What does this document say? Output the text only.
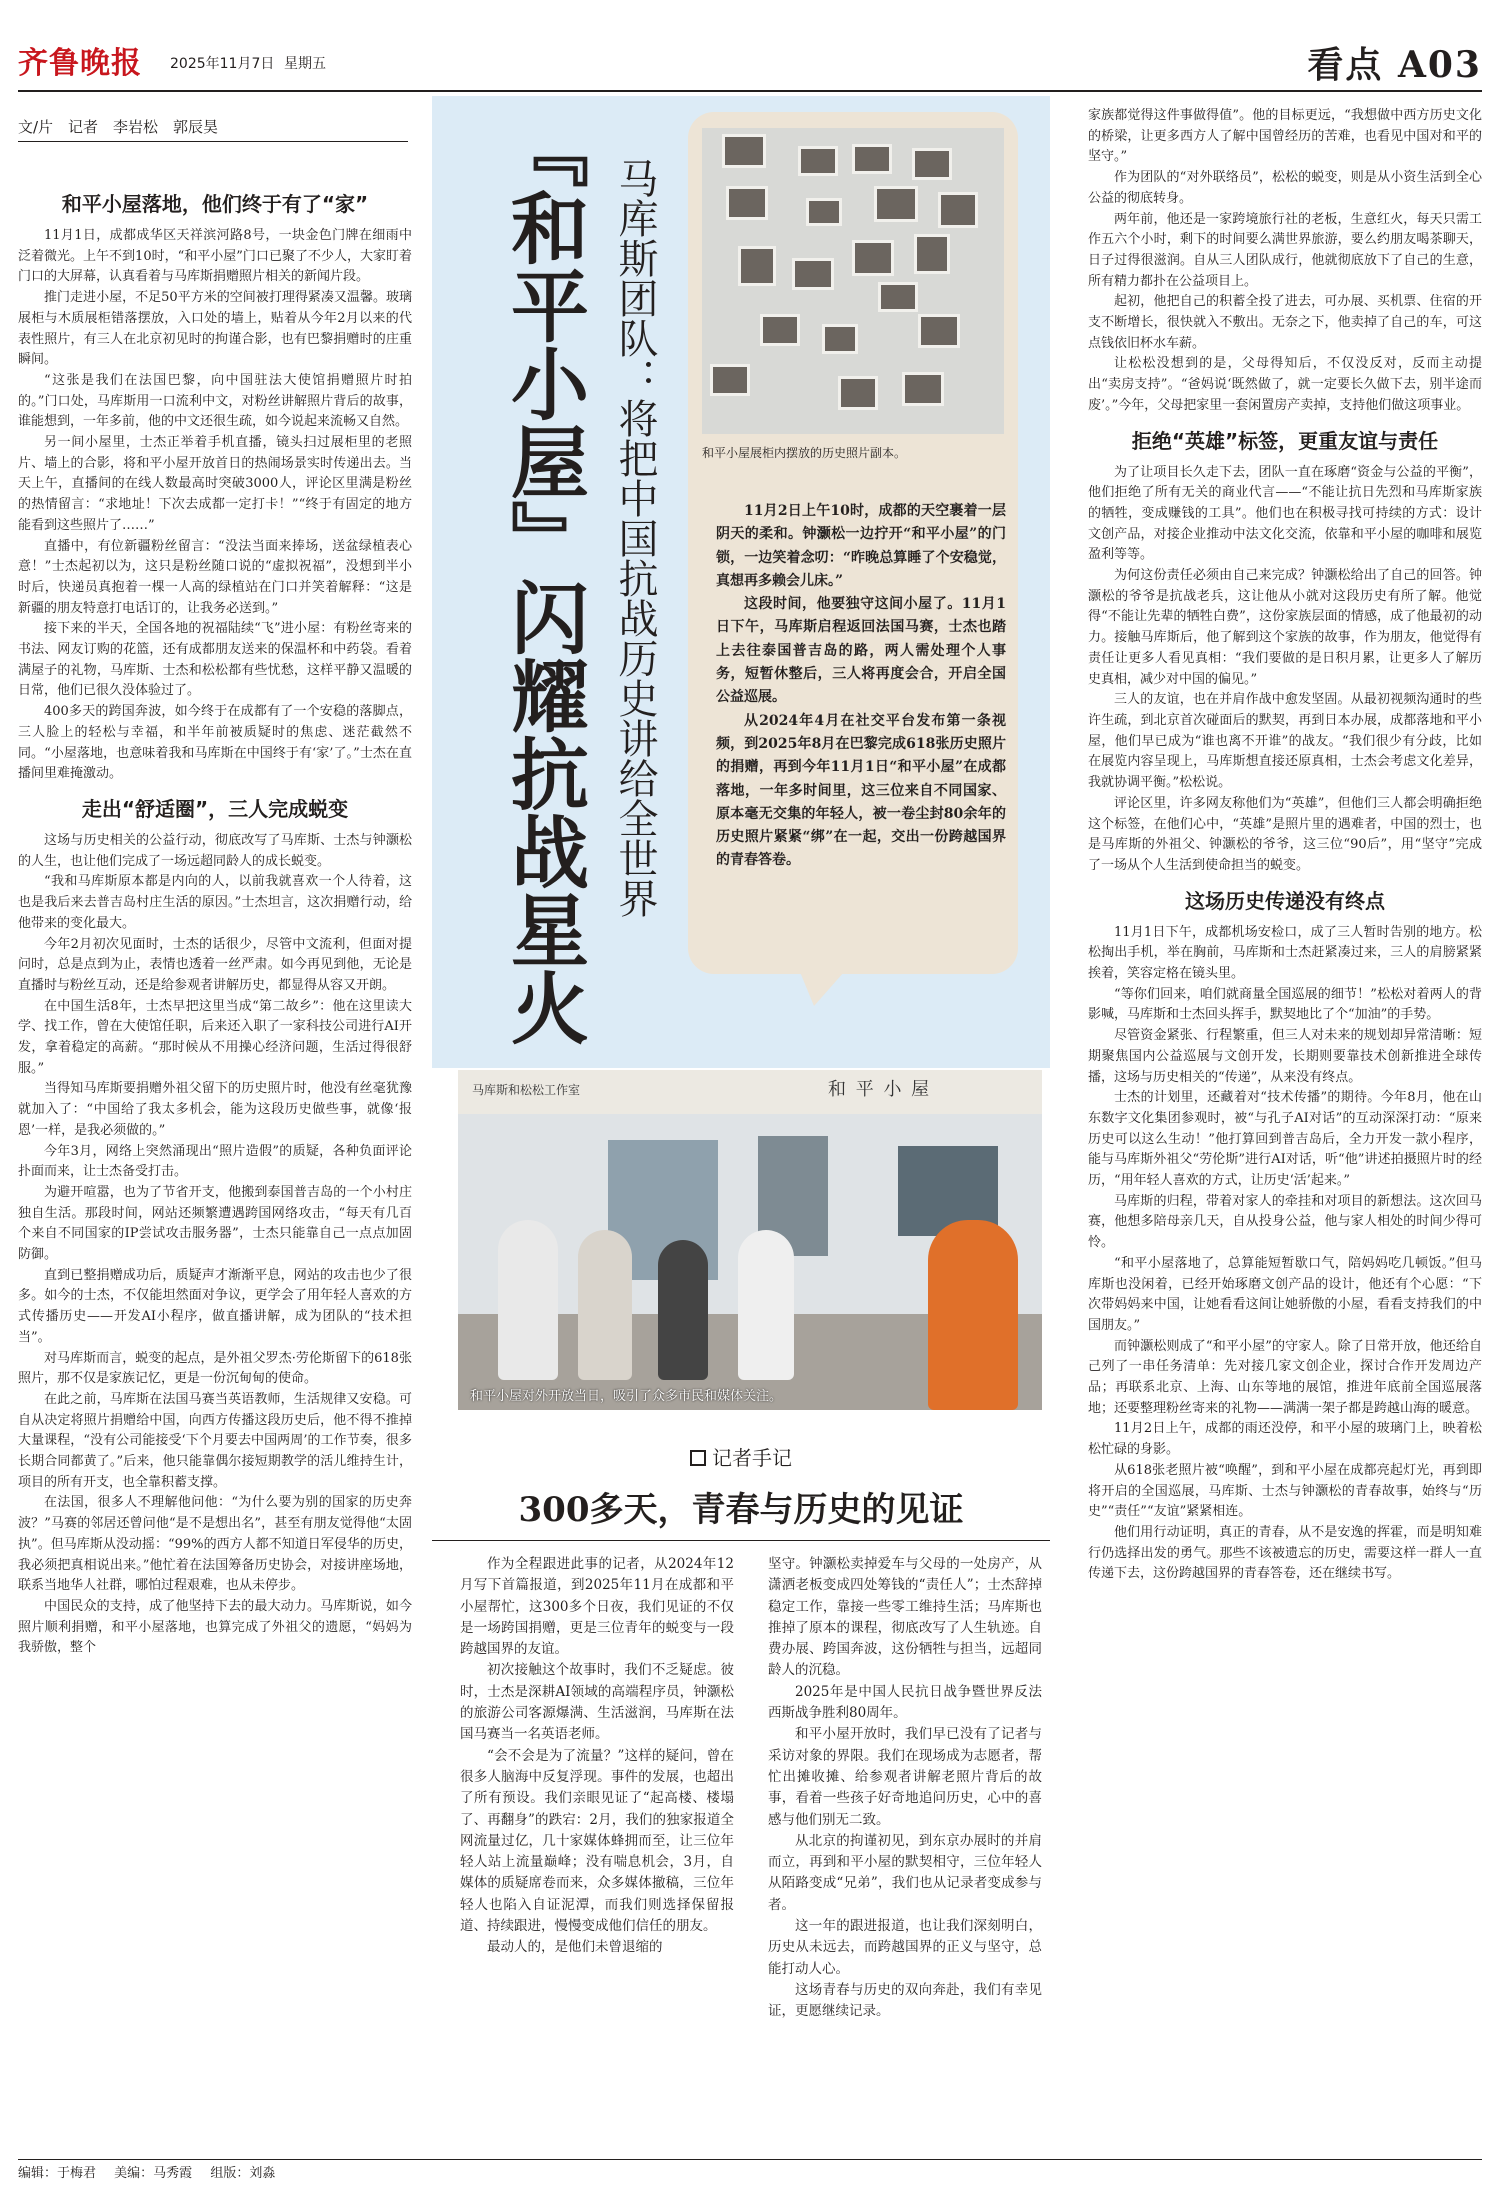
齐鲁晚报 2025年11月7日 星期五	看点 A03
文/片　记者　李岩松　郭辰昊
和平小屋落地，他们终于有了“家”

11月1日，成都成华区天祥滨河路8号，一块金色门牌在细雨中泛着微光。上午不到10时，“和平小屋”门口已聚了不少人，大家盯着门口的大屏幕，认真看着与马库斯捐赠照片相关的新闻片段。

推门走进小屋，不足50平方米的空间被打理得紧凑又温馨。玻璃展柜与木质展柜错落摆放，入口处的墙上，贴着从今年2月以来的代表性照片，有三人在北京初见时的拘谨合影，也有巴黎捐赠时的庄重瞬间。

“这张是我们在法国巴黎，向中国驻法大使馆捐赠照片时拍的。”门口处，马库斯用一口流利中文，对粉丝讲解照片背后的故事，谁能想到，一年多前，他的中文还很生疏，如今说起来流畅又自然。

另一间小屋里，士杰正举着手机直播，镜头扫过展柜里的老照片、墙上的合影，将和平小屋开放首日的热闹场景实时传递出去。当天上午，直播间的在线人数最高时突破3000人，评论区里满是粉丝的热情留言：“求地址！下次去成都一定打卡！”“终于有固定的地方能看到这些照片了……”

直播中，有位新疆粉丝留言：“没法当面来捧场，送盆绿植表心意！”士杰起初以为，这只是粉丝随口说的“虚拟祝福”，没想到半小时后，快递员真抱着一棵一人高的绿植站在门口并笑着解释：“这是新疆的朋友特意打电话订的，让我务必送到。”

接下来的半天，全国各地的祝福陆续“飞”进小屋：有粉丝寄来的书法、网友订购的花篮，还有成都朋友送来的保温杯和中药袋。看着满屋子的礼物，马库斯、士杰和松松都有些忧愁，这样平静又温暖的日常，他们已很久没体验过了。

400多天的跨国奔波，如今终于在成都有了一个安稳的落脚点，三人脸上的轻松与幸福，和半年前被质疑时的焦虑、迷茫截然不同。“小屋落地，也意味着我和马库斯在中国终于有‘家’了。”士杰在直播间里难掩激动。

走出“舒适圈”，三人完成蜕变

这场与历史相关的公益行动，彻底改写了马库斯、士杰与钟灏松的人生，也让他们完成了一场远超同龄人的成长蜕变。

“我和马库斯原本都是内向的人，以前我就喜欢一个人待着，这也是我后来去普吉岛村庄生活的原因。”士杰坦言，这次捐赠行动，给他带来的变化最大。

今年2月初次见面时，士杰的话很少，尽管中文流利，但面对提问时，总是点到为止，表情也透着一丝严肃。如今再见到他，无论是直播时与粉丝互动，还是给参观者讲解历史，都显得从容又开朗。

在中国生活8年，士杰早把这里当成“第二故乡”：他在这里读大学、找工作，曾在大使馆任职，后来还入职了一家科技公司进行AI开发，拿着稳定的高薪。“那时候从不用操心经济问题，生活过得很舒服。”

当得知马库斯要捐赠外祖父留下的历史照片时，他没有丝毫犹豫就加入了：“中国给了我太多机会，能为这段历史做些事，就像‘报恩’一样，是我必须做的。”

今年3月，网络上突然涌现出“照片造假”的质疑，各种负面评论扑面而来，让士杰备受打击。

为避开喧嚣，也为了节省开支，他搬到泰国普吉岛的一个小村庄独自生活。那段时间，网站还频繁遭遇跨国网络攻击，“每天有几百个来自不同国家的IP尝试攻击服务器”，士杰只能靠自己一点点加固防御。

直到已整捐赠成功后，质疑声才渐渐平息，网站的攻击也少了很多。如今的士杰，不仅能坦然面对争议，更学会了用年轻人喜欢的方式传播历史——开发AI小程序，做直播讲解，成为团队的“技术担当”。

对马库斯而言，蜕变的起点，是外祖父罗杰·劳伦斯留下的618张照片，那不仅是家族记忆，更是一份沉甸甸的使命。

在此之前，马库斯在法国马赛当英语教师，生活规律又安稳。可自从决定将照片捐赠给中国，向西方传播这段历史后，他不得不推掉大量课程，“没有公司能接受‘下个月要去中国两周’的工作节奏，很多长期合同都黄了。”后来，他只能靠偶尔接短期教学的活儿维持生计，项目的所有开支，也全靠积蓄支撑。

在法国，很多人不理解他问他：“为什么要为别的国家的历史奔波？”马赛的邻居还曾问他“是不是想出名”，甚至有朋友觉得他“太固执”。但马库斯从没动摇：“99%的西方人都不知道日军侵华的历史，我必须把真相说出来。”他忙着在法国筹备历史协会，对接讲座场地，联系当地华人社群，哪怕过程艰难，也从未停步。

中国民众的支持，成了他坚持下去的最大动力。马库斯说，如今照片顺利捐赠，和平小屋落地，也算完成了外祖父的遗愿，“妈妈为我骄傲，整个

『和平小屋』闪耀抗战星火 马库斯团队：将把中国抗战历史讲给全世界	和平小屋展柜内摆放的历史照片副本。

11月2日上午10时，成都的天空裹着一层阴天的柔和。钟灏松一边拧开“和平小屋”的门锁，一边笑着念叨：“昨晚总算睡了个安稳觉，真想再多赖会儿床。”

这段时间，他要独守这间小屋了。11月1日下午，马库斯启程返回法国马赛，士杰也踏上去往泰国普吉岛的路，两人需处理个人事务，短暂休整后，三人将再度会合，开启全国公益巡展。

从2024年4月在社交平台发布第一条视频，到2025年8月在巴黎完成618张历史照片的捐赠，再到今年11月1日“和平小屋”在成都落地，一年多时间里，这三位来自不同国家、原本毫无交集的年轻人，被一卷尘封80余年的历史照片紧紧“绑”在一起，交出一份跨越国界的青春答卷。

马库斯和松松工作室	和 平 小 屋
和平小屋对外开放当日，吸引了众多市民和媒体关注。
记者手记
300多天，青春与历史的见证

作为全程跟进此事的记者，从2024年12月写下首篇报道，到2025年11月在成都和平小屋帮忙，这300多个日夜，我们见证的不仅是一场跨国捐赠，更是三位青年的蜕变与一段跨越国界的友谊。

初次接触这个故事时，我们不乏疑虑。彼时，士杰是深耕AI领域的高端程序员，钟灏松的旅游公司客源爆满、生活滋润，马库斯在法国马赛当一名英语老师。

“会不会是为了流量？”这样的疑问，曾在很多人脑海中反复浮现。事件的发展，也超出了所有预设。我们亲眼见证了“起高楼、楼塌了、再翻身”的跌宕：2月，我们的独家报道全网流量过亿，几十家媒体蜂拥而至，让三位年轻人站上流量巅峰；没有喘息机会，3月，自媒体的质疑席卷而来，众多媒体撤稿，三位年轻人也陷入自证泥潭，而我们则选择保留报道、持续跟进，慢慢变成他们信任的朋友。

最动人的，是他们未曾退缩的

坚守。钟灏松卖掉爱车与父母的一处房产，从潇洒老板变成四处筹钱的“责任人”；士杰辞掉稳定工作，靠接一些零工维持生活；马库斯也推掉了原本的课程，彻底改写了人生轨迹。自费办展、跨国奔波，这份牺牲与担当，远超同龄人的沉稳。

2025年是中国人民抗日战争暨世界反法西斯战争胜利80周年。

和平小屋开放时，我们早已没有了记者与采访对象的界限。我们在现场成为志愿者，帮忙出摊收摊、给参观者讲解老照片背后的故事，看着一些孩子好奇地追问历史，心中的喜感与他们别无二致。

从北京的拘谨初见，到东京办展时的并肩而立，再到和平小屋的默契相守，三位年轻人从陌路变成“兄弟”，我们也从记录者变成参与者。

这一年的跟进报道，也让我们深刻明白，历史从未远去，而跨越国界的正义与坚守，总能打动人心。

这场青春与历史的双向奔赴，我们有幸见证，更愿继续记录。

家族都觉得这件事做得值”。他的目标更远，“我想做中西方历史文化的桥梁，让更多西方人了解中国曾经历的苦难，也看见中国对和平的坚守。”

作为团队的“对外联络员”，松松的蜕变，则是从小资生活到全心公益的彻底转身。

两年前，他还是一家跨境旅行社的老板，生意红火，每天只需工作五六个小时，剩下的时间要么满世界旅游，要么约朋友喝茶聊天，日子过得很滋润。自从三人团队成行，他就彻底放下了自己的生意，所有精力都扑在公益项目上。

起初，他把自己的积蓄全投了进去，可办展、买机票、住宿的开支不断增长，很快就入不敷出。无奈之下，他卖掉了自己的车，可这点钱依旧杯水车薪。

让松松没想到的是，父母得知后，不仅没反对，反而主动提出“卖房支持”。“爸妈说‘既然做了，就一定要长久做下去，别半途而废’。”今年，父母把家里一套闲置房产卖掉，支持他们做这项事业。

拒绝“英雄”标签，更重友谊与责任

为了让项目长久走下去，团队一直在琢磨“资金与公益的平衡”，他们拒绝了所有无关的商业代言——“不能让抗日先烈和马库斯家族的牺牲，变成赚钱的工具”。他们也在积极寻找可持续的方式：设计文创产品，对接企业推动中法文化交流，依靠和平小屋的咖啡和展览盈利等等。

为何这份责任必须由自己来完成？钟灏松给出了自己的回答。钟灏松的爷爷是抗战老兵，这让他从小就对这段历史有所了解。他觉得“不能让先辈的牺牲白费”，这份家族层面的情感，成了他最初的动力。接触马库斯后，他了解到这个家族的故事，作为朋友，他觉得有责任让更多人看见真相：“我们要做的是日积月累，让更多人了解历史真相，减少对中国的偏见。”

三人的友谊，也在并肩作战中愈发坚固。从最初视频沟通时的些许生疏，到北京首次碰面后的默契，再到日本办展，成都落地和平小屋，他们早已成为“谁也离不开谁”的战友。“我们很少有分歧，比如在展览内容呈现上，马库斯想直接还原真相，士杰会考虑文化差异，我就协调平衡。”松松说。

评论区里，许多网友称他们为“英雄”，但他们三人都会明确拒绝这个标签，在他们心中，“英雄”是照片里的遇难者，中国的烈士，也是马库斯的外祖父、钟灏松的爷爷，这三位“90后”，用“坚守”完成了一场从个人生活到使命担当的蜕变。

这场历史传递没有终点

11月1日下午，成都机场安检口，成了三人暂时告别的地方。松松掏出手机，举在胸前，马库斯和士杰赶紧凑过来，三人的肩膀紧紧挨着，笑容定格在镜头里。

“等你们回来，咱们就商量全国巡展的细节！”松松对着两人的背影喊，马库斯和士杰回头挥手，默契地比了个“加油”的手势。

尽管资金紧张、行程繁重，但三人对未来的规划却异常清晰：短期聚焦国内公益巡展与文创开发，长期则要靠技术创新推进全球传播，这场与历史相关的“传递”，从来没有终点。

士杰的计划里，还藏着对“技术传播”的期待。今年8月，他在山东数字文化集团参观时，被“与孔子AI对话”的互动深深打动：“原来历史可以这么生动！”他打算回到普吉岛后，全力开发一款小程序，能与马库斯外祖父“劳伦斯”进行AI对话，听“他”讲述拍摄照片时的经历，“用年轻人喜欢的方式，让历史‘活’起来。”

马库斯的归程，带着对家人的牵挂和对项目的新想法。这次回马赛，他想多陪母亲几天，自从投身公益，他与家人相处的时间少得可怜。

“和平小屋落地了，总算能短暂歇口气，陪妈妈吃几顿饭。”但马库斯也没闲着，已经开始琢磨文创产品的设计，他还有个心愿：“下次带妈妈来中国，让她看看这间让她骄傲的小屋，看看支持我们的中国朋友。”

而钟灏松则成了“和平小屋”的守家人。除了日常开放，他还给自己列了一串任务清单：先对接几家文创企业，探讨合作开发周边产品；再联系北京、上海、山东等地的展馆，推进年底前全国巡展落地；还要整理粉丝寄来的礼物——满满一架子都是跨越山海的暖意。

11月2日上午，成都的雨还没停，和平小屋的玻璃门上，映着松松忙碌的身影。

从618张老照片被“唤醒”，到和平小屋在成都亮起灯光，再到即将开启的全国巡展，马库斯、士杰与钟灏松的青春故事，始终与“历史”“责任”“友谊”紧紧相连。

他们用行动证明，真正的青春，从不是安逸的挥霍，而是明知难行仍选择出发的勇气。那些不该被遗忘的历史，需要这样一群人一直传递下去，这份跨越国界的青春答卷，还在继续书写。

编辑：于梅君 美编：马秀霞 组版：刘淼
